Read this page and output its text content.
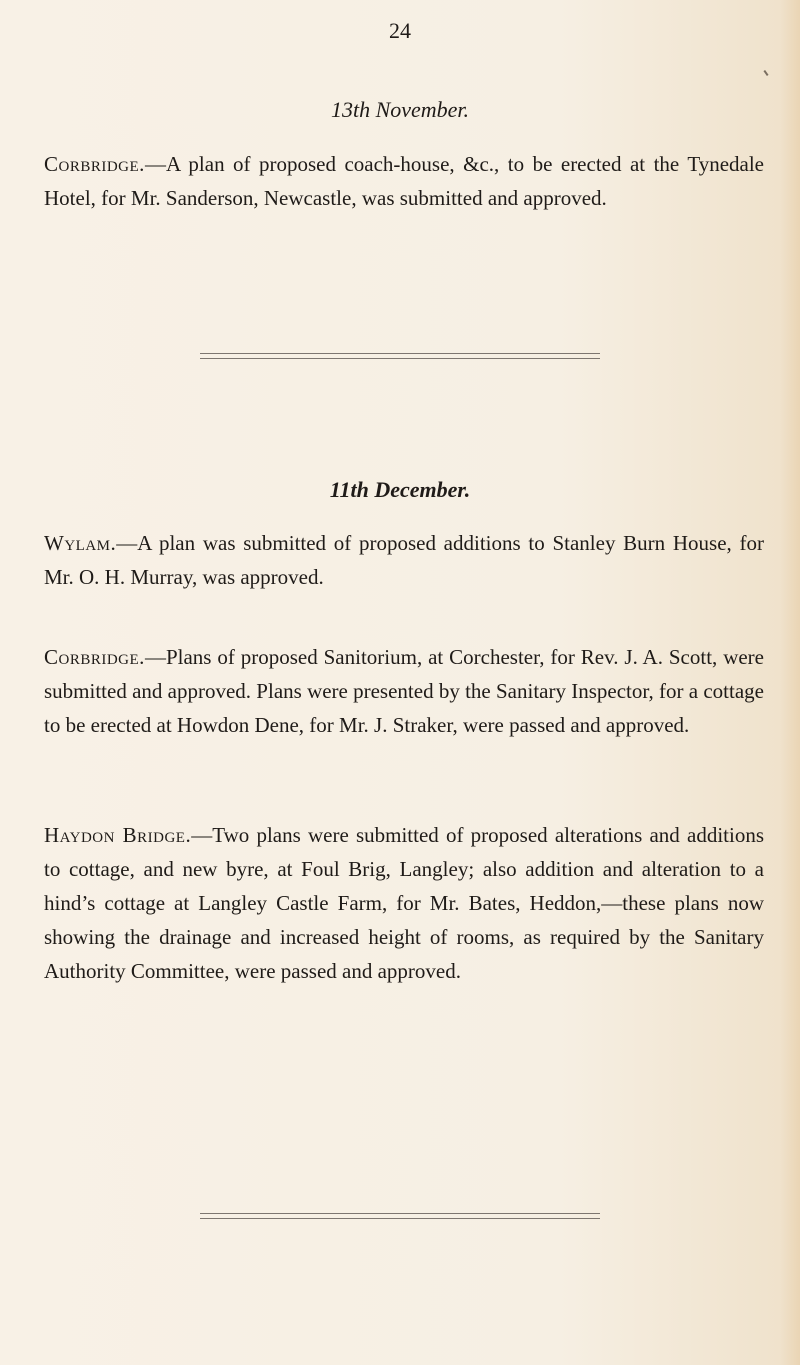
24
13th November.

Corbridge.—A plan of proposed coach-house, &c., to be erected at the Tynedale Hotel, for Mr. Sanderson, Newcastle, was submitted and approved.

11th December.

Wylam.—A plan was submitted of proposed additions to Stanley Burn House, for Mr. O. H. Murray, was approved.

Corbridge.—Plans of proposed Sanitorium, at Corchester, for Rev. J. A. Scott, were submitted and approved. Plans were presented by the Sanitary Inspector, for a cottage to be erected at Howdon Dene, for Mr. J. Straker, were passed and approved.

Haydon Bridge.—Two plans were submitted of proposed alterations and additions to cottage, and new byre, at Foul Brig, Langley; also addition and alteration to a hind’s cottage at Langley Castle Farm, for Mr. Bates, Heddon,—these plans now showing the drainage and increased height of rooms, as required by the Sanitary Authority Committee, were passed and approved.
